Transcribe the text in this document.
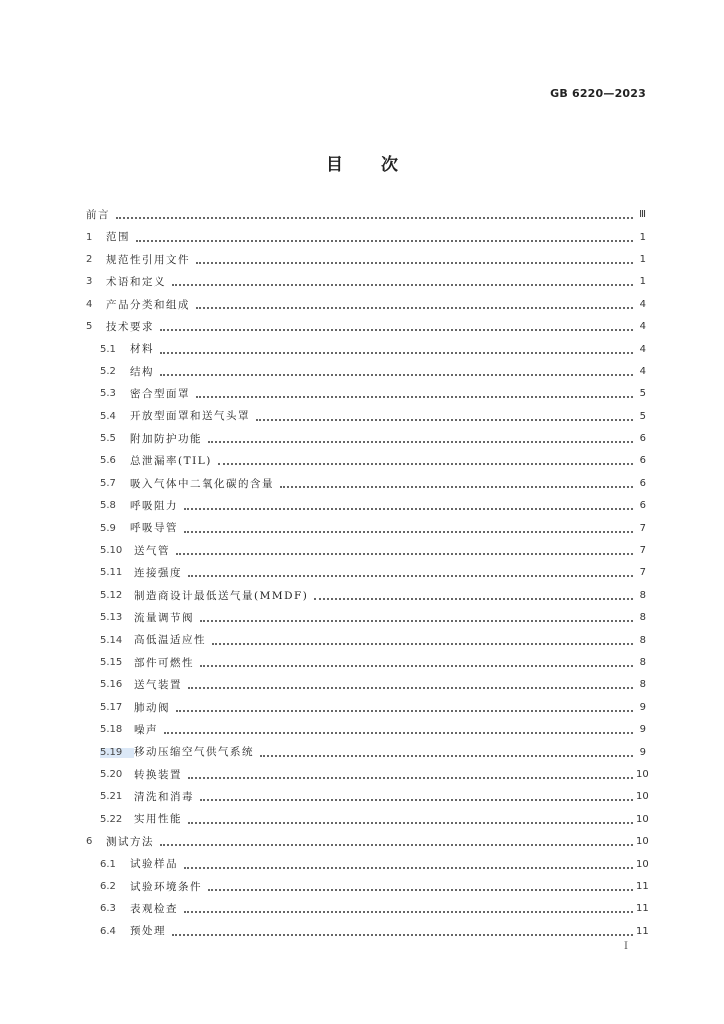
GB 6220—2023
目 次
前言	Ⅲ
1	范围	1
2	规范性引用文件	1
3	术语和定义	1
4	产品分类和组成	4
5	技术要求	4
5.1	材料	4
5.2	结构	4
5.3	密合型面罩	5
5.4	开放型面罩和送气头罩	5
5.5	附加防护功能	6
5.6	总泄漏率(TIL)	6
5.7	吸入气体中二氧化碳的含量	6
5.8	呼吸阻力	6
5.9	呼吸导管	7
5.10	送气管	7
5.11	连接强度	7
5.12	制造商设计最低送气量(MMDF)	8
5.13	流量调节阀	8
5.14	高低温适应性	8
5.15	部件可燃性	8
5.16	送气装置	8
5.17	肺动阀	9
5.18	噪声	9
5.19	移动压缩空气供气系统	9
5.20	转换装置	10
5.21	清洗和消毒	10
5.22	实用性能	10
6	测试方法	10
6.1	试验样品	10
6.2	试验环境条件	11
6.3	表观检查	11
6.4	预处理	11
I
